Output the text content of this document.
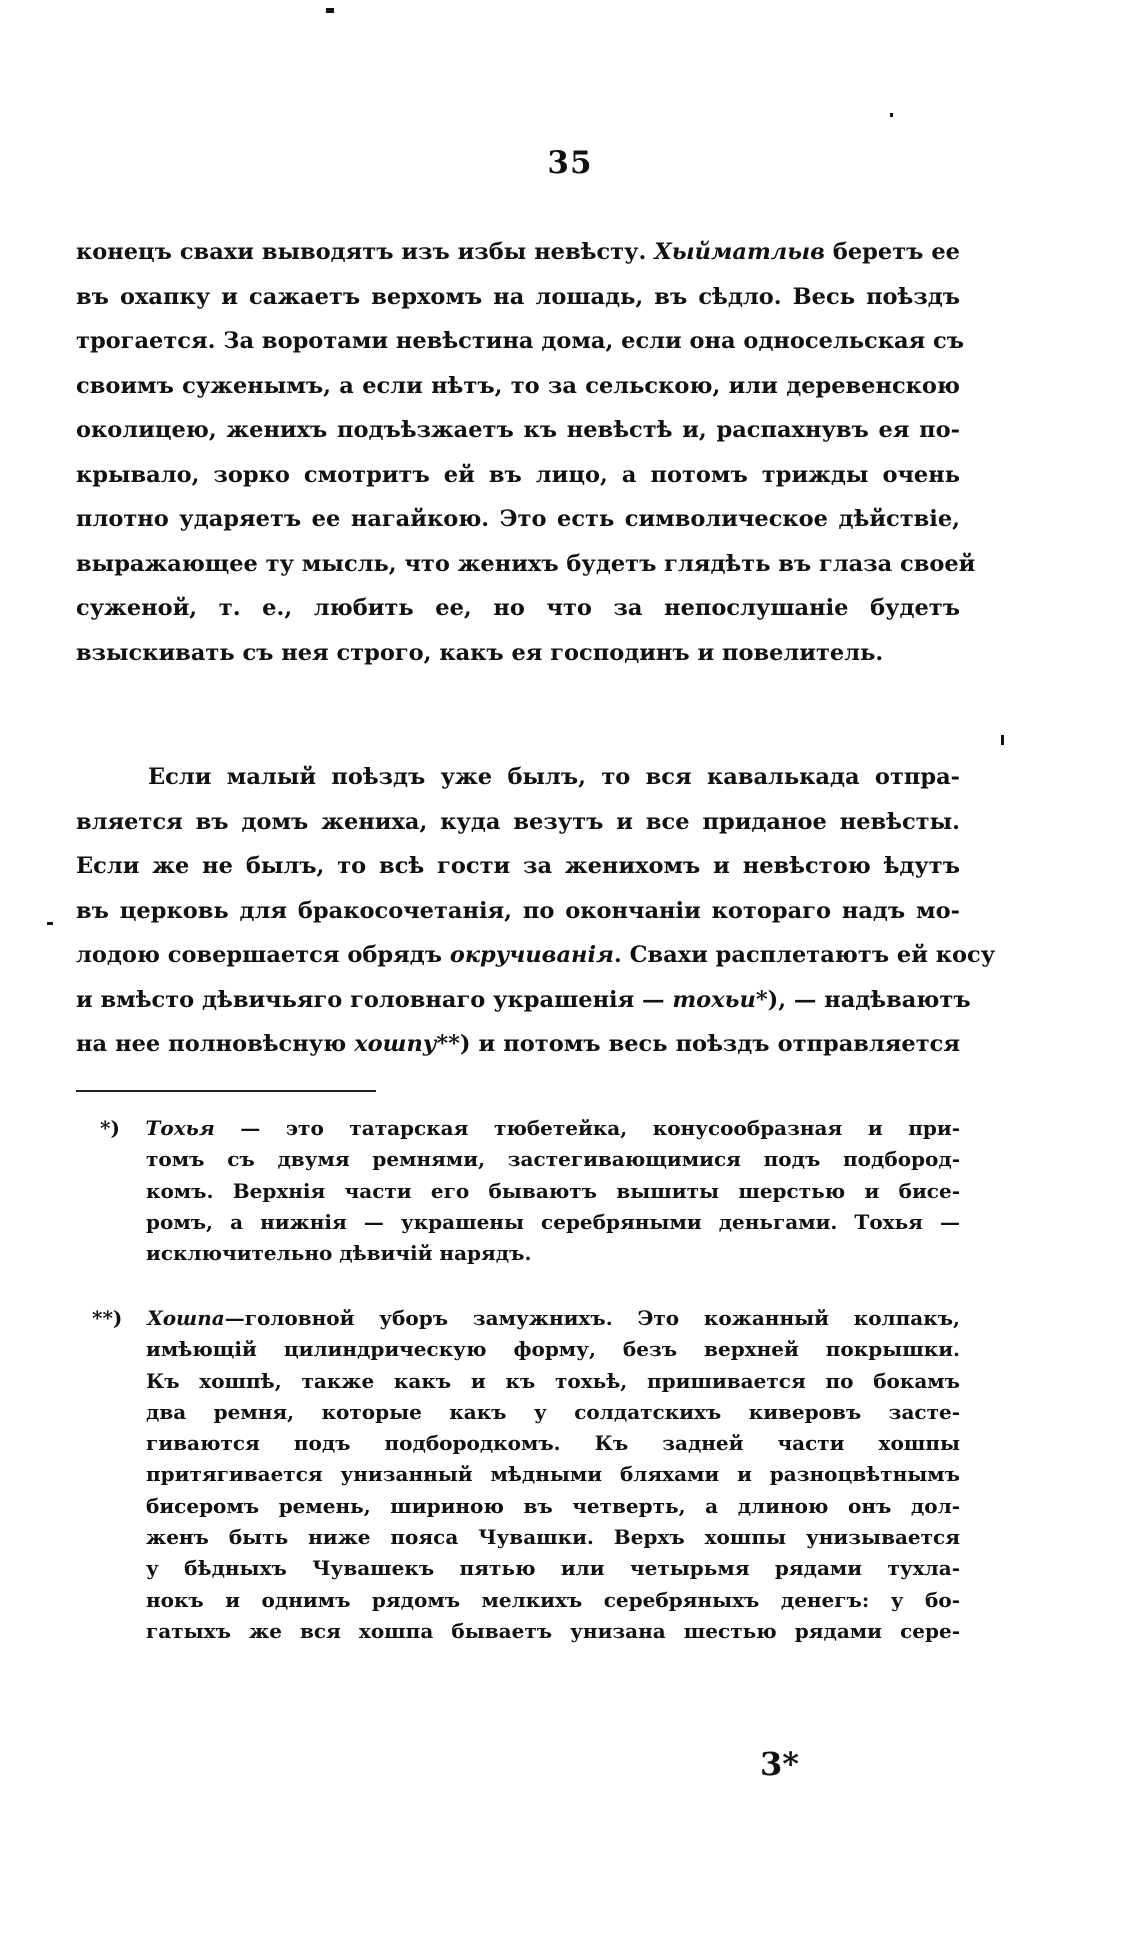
35
конецъ свахи выводятъ изъ избы невѣсту. Хыйматлыв беретъ ее
въ охапку и сажаетъ верхомъ на лошадь, въ сѣдло. Весь поѣздъ
трогается. За воротами невѣстина дома, если она односельская съ
своимъ суженымъ, а если нѣтъ, то за сельскою, или деревенскою
околицею, женихъ подъѣзжаетъ къ невѣстѣ и, распахнувъ ея по-
крывало, зорко смотритъ ей въ лицо, а потомъ трижды очень
плотно ударяетъ ее нагайкою. Это есть символическое дѣйствіе,
выражающее ту мысль, что женихъ будетъ глядѣть въ глаза своей
суженой, т. е., любить ее, но что за непослушаніе будетъ
взыскивать съ нея строго, какъ ея господинъ и повелитель.
Если малый поѣздъ уже былъ, то вся кавалькада отпра-
вляется въ домъ жениха, куда везутъ и все приданое невѣсты.
Если же не былъ, то всѣ гости за женихомъ и невѣстою ѣдутъ
въ церковь для бракосочетанія, по окончаніи котораго надъ мо-
лодою совершается обрядъ окручиванія. Свахи расплетаютъ ей косу
и вмѣсто дѣвичьяго головнаго украшенія — тохьи*), — надѣваютъ
на нее полновѣсную хошпу**) и потомъ весь поѣздъ отправляется
*) Тохья — это татарская тюбетейка, конусообразная и при-
томъ съ двумя ремнями, застегивающимися подъ подбород-
комъ. Верхнія части его бываютъ вышиты шерстью и бисе-
ромъ, а нижнія — украшены серебряными деньгами. Тохья —
исключительно дѣвичій нарядъ.
**) Хошпа—головной уборъ замужнихъ. Это кожанный колпакъ,
имѣющій цилиндрическую форму, безъ верхней покрышки.
Къ хошпѣ, также какъ и къ тохьѣ, пришивается по бокамъ
два ремня, которые какъ у солдатскихъ киверовъ засте-
гиваются подъ подбородкомъ. Къ задней части хошпы
притягивается унизанный мѣдными бляхами и разноцвѣтнымъ
бисеромъ ремень, шириною въ четверть, а длиною онъ дол-
женъ быть ниже пояса Чувашки. Верхъ хошпы унизывается
у бѣдныхъ Чувашекъ пятью или четырьмя рядами тухла-
нокъ и однимъ рядомъ мелкихъ серебряныхъ денегъ: у бо-
гатыхъ же вся хошпа бываетъ унизана шестью рядами сере-
3*
